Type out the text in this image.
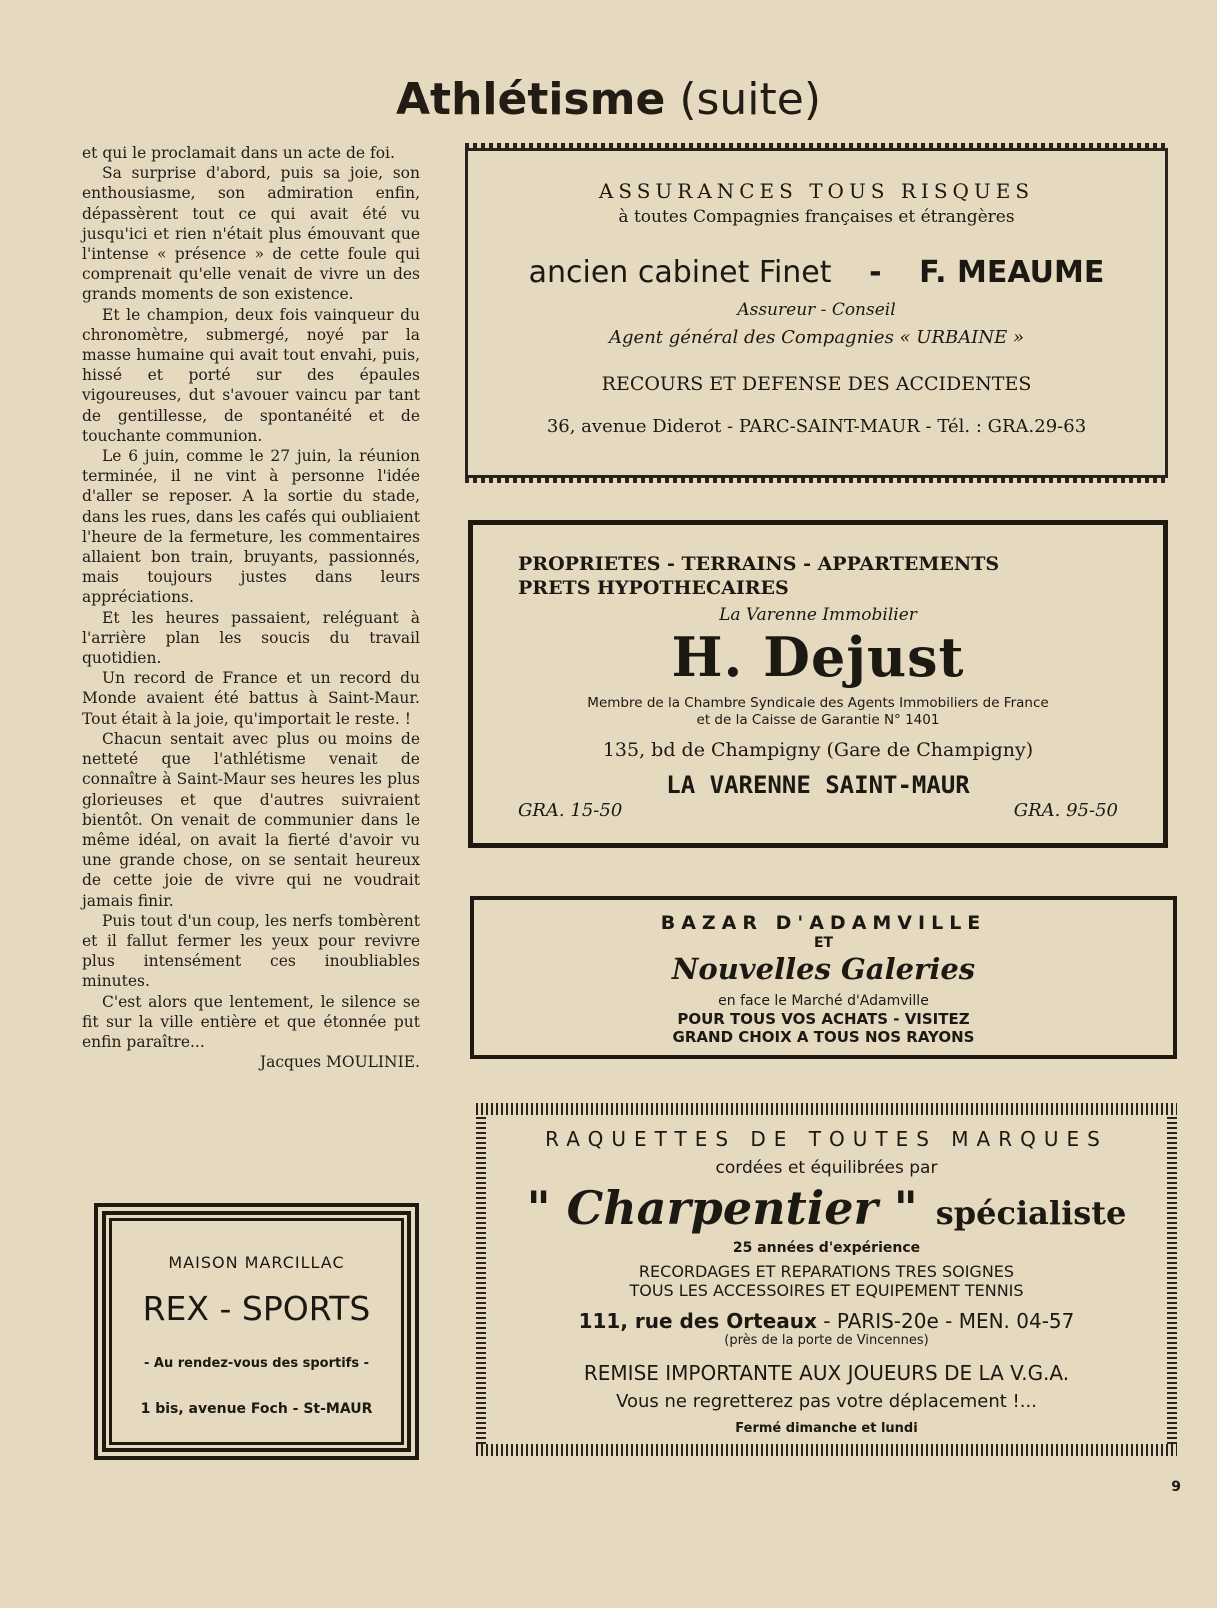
Athlétisme (suite)

et qui le proclamait dans un acte de foi.

Sa surprise d'abord, puis sa joie, son enthousiasme, son admiration enfin, dépassèrent tout ce qui avait été vu jusqu'ici et rien n'était plus émouvant que l'intense « présence » de cette foule qui comprenait qu'elle venait de vivre un des grands moments de son existence.

Et le champion, deux fois vainqueur du chronomètre, submergé, noyé par la masse humaine qui avait tout envahi, puis, hissé et porté sur des épaules vigoureuses, dut s'avouer vaincu par tant de gentillesse, de spontanéité et de touchante communion.

Le 6 juin, comme le 27 juin, la réunion terminée, il ne vint à personne l'idée d'aller se reposer. A la sortie du stade, dans les rues, dans les cafés qui oubliaient l'heure de la fermeture, les commentaires allaient bon train, bruyants, passionnés, mais toujours justes dans leurs appréciations.

Et les heures passaient, reléguant à l'arrière plan les soucis du travail quotidien.

Un record de France et un record du Monde avaient été battus à Saint-Maur. Tout était à la joie, qu'importait le reste. !

Chacun sentait avec plus ou moins de netteté que l'athlétisme venait de connaître à Saint-Maur ses heures les plus glorieuses et que d'autres suivraient bientôt. On venait de communier dans le même idéal, on avait la fierté d'avoir vu une grande chose, on se sentait heureux de cette joie de vivre qui ne voudrait jamais finir.

Puis tout d'un coup, les nerfs tombèrent et il fallut fermer les yeux pour revivre plus intensément ces inoubliables minutes.

C'est alors que lentement, le silence se fit sur la ville entière et que étonnée put enfin paraître...

Jacques MOULINIE.

ASSURANCES TOUS RISQUES
à toutes Compagnies françaises et étrangères
ancien cabinet Finet - F. MEAUME
Assureur - Conseil
Agent général des Compagnies « URBAINE »
RECOURS ET DEFENSE DES ACCIDENTES
36, avenue Diderot - PARC-SAINT-MAUR - Tél. : GRA.29-63
PROPRIETES - TERRAINS - APPARTEMENTS
PRETS HYPOTHECAIRES
La Varenne Immobilier
H. Dejust
Membre de la Chambre Syndicale des Agents Immobiliers de France
et de la Caisse de Garantie N° 1401
135, bd de Champigny (Gare de Champigny)
LA VARENNE SAINT-MAUR
GRA. 15-50	GRA. 95-50
BAZAR D'ADAMVILLE
ET
Nouvelles Galeries
en face le Marché d'Adamville
POUR TOUS VOS ACHATS - VISITEZ
GRAND CHOIX A TOUS NOS RAYONS
RAQUETTES DE TOUTES MARQUES
cordées et équilibrées par
" Charpentier " spécialiste
25 années d'expérience
RECORDAGES ET REPARATIONS TRES SOIGNES
TOUS LES ACCESSOIRES ET EQUIPEMENT TENNIS
111, rue des Orteaux - PARIS-20e - MEN. 04-57
(près de la porte de Vincennes)
REMISE IMPORTANTE AUX JOUEURS DE LA V.G.A.
Vous ne regretterez pas votre déplacement !...
Fermé dimanche et lundi
MAISON MARCILLAC
REX - SPORTS
- Au rendez-vous des sportifs -
1 bis, avenue Foch - St-MAUR
9
